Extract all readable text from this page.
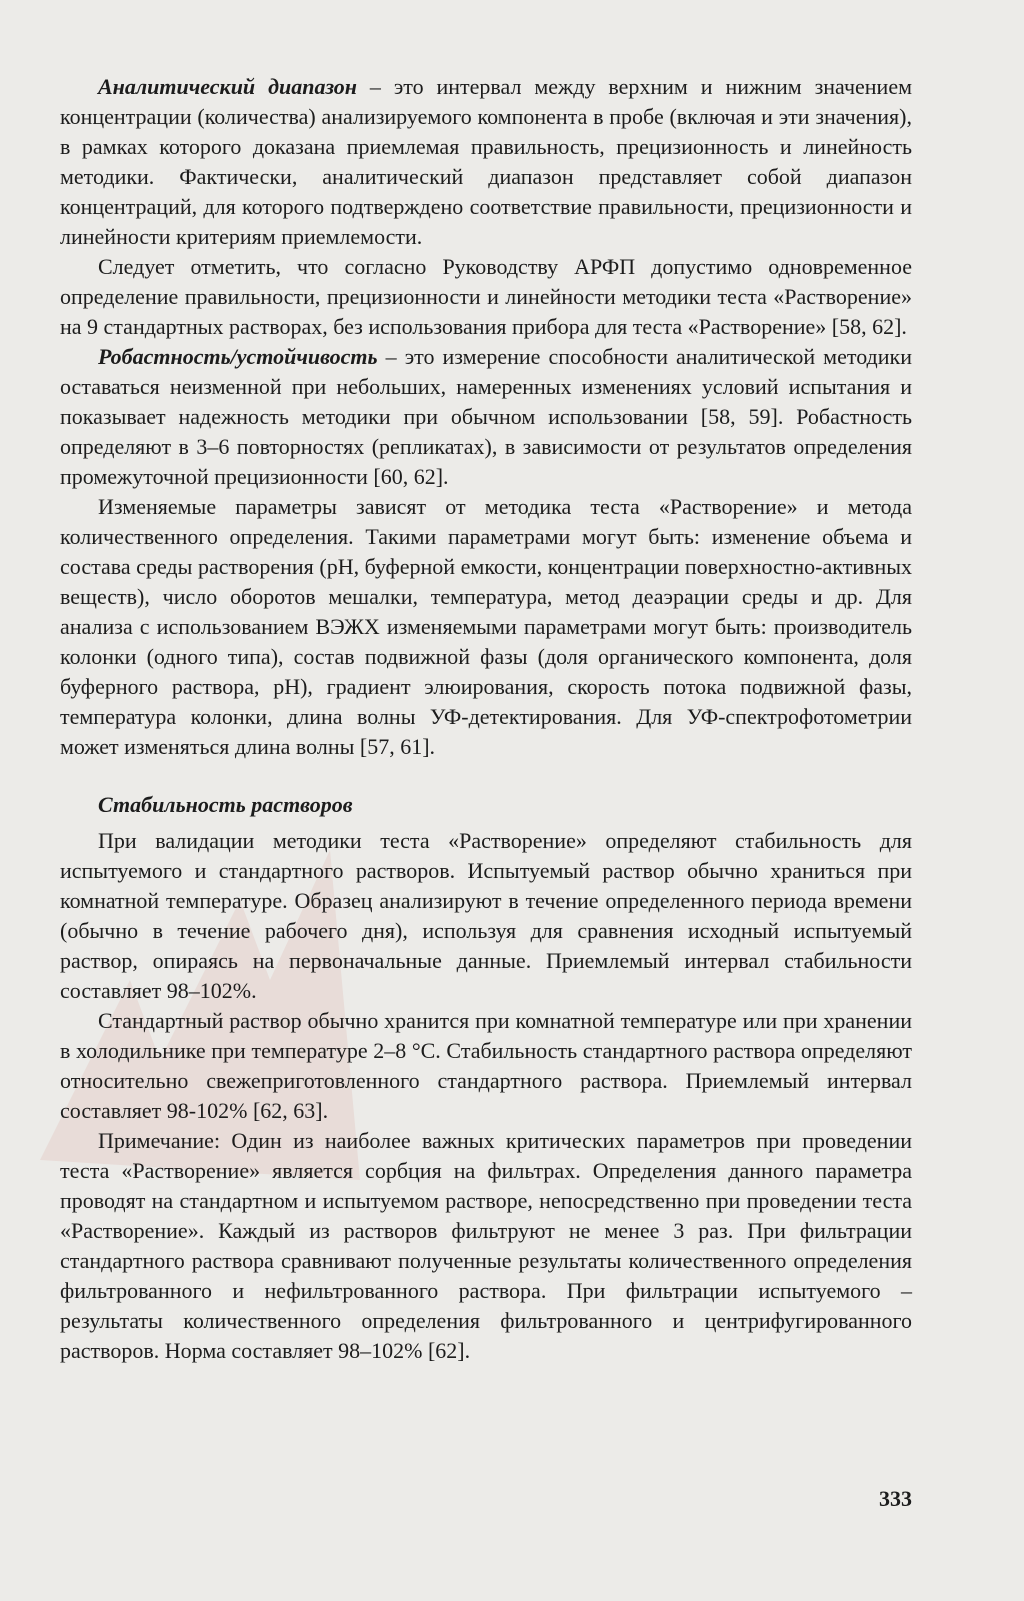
Аналитический диапазон – это интервал между верхним и нижним значением концентрации (количества) анализируемого компонента в пробе (включая и эти значения), в рамках которого доказана приемлемая правильность, прецизионность и линейность методики. Фактически, аналитический диапазон представляет собой диапазон концентраций, для которого подтверждено соответствие правильности, прецизионности и линейности критериям приемлемости.

Следует отметить, что согласно Руководству АРФП допустимо одновременное определение правильности, прецизионности и линейности методики теста «Растворение» на 9 стандартных растворах, без использования прибора для теста «Растворение» [58, 62].

Робастность/устойчивость – это измерение способности аналитической методики оставаться неизменной при небольших, намеренных изменениях условий испытания и показывает надежность методики при обычном использовании [58, 59]. Робастность определяют в 3–6 повторностях (репликатах), в зависимости от результатов определения промежуточной прецизионности [60, 62].

Изменяемые параметры зависят от методика теста «Растворение» и метода количественного определения. Такими параметрами могут быть: изменение объема и состава среды растворения (pH, буферной емкости, концентрации поверхностно-активных веществ), число оборотов мешалки, температура, метод деаэрации среды и др. Для анализа с использованием ВЭЖХ изменяемыми параметрами могут быть: производитель колонки (одного типа), состав подвижной фазы (доля органического компонента, доля буферного раствора, pH), градиент элюирования, скорость потока подвижной фазы, температура колонки, длина волны УФ-детектирования. Для УФ-спектрофотометрии может изменяться длина волны [57, 61].

Стабильность растворов

При валидации методики теста «Растворение» определяют стабильность для испытуемого и стандартного растворов. Испытуемый раствор обычно храниться при комнатной температуре. Образец анализируют в течение определенного периода времени (обычно в течение рабочего дня), используя для сравнения исходный испытуемый раствор, опираясь на первоначальные данные. Приемлемый интервал стабильности составляет 98–102%.

Стандартный раствор обычно хранится при комнатной температуре или при хранении в холодильнике при температуре 2–8 °С. Стабильность стандартного раствора определяют относительно свежеприготовленного стандартного раствора. Приемлемый интервал составляет 98-102% [62, 63].

Примечание: Один из наиболее важных критических параметров при проведении теста «Растворение» является сорбция на фильтрах. Определения данного параметра проводят на стандартном и испытуемом растворе, непосредственно при проведении теста «Растворение». Каждый из растворов фильтруют не менее 3 раз. При фильтрации стандартного раствора сравнивают полученные результаты количественного определения фильтрованного и нефильтрованного раствора. При фильтрации испытуемого – результаты количественного определения фильтрованного и центрифугированного растворов. Норма составляет 98–102% [62].

333
